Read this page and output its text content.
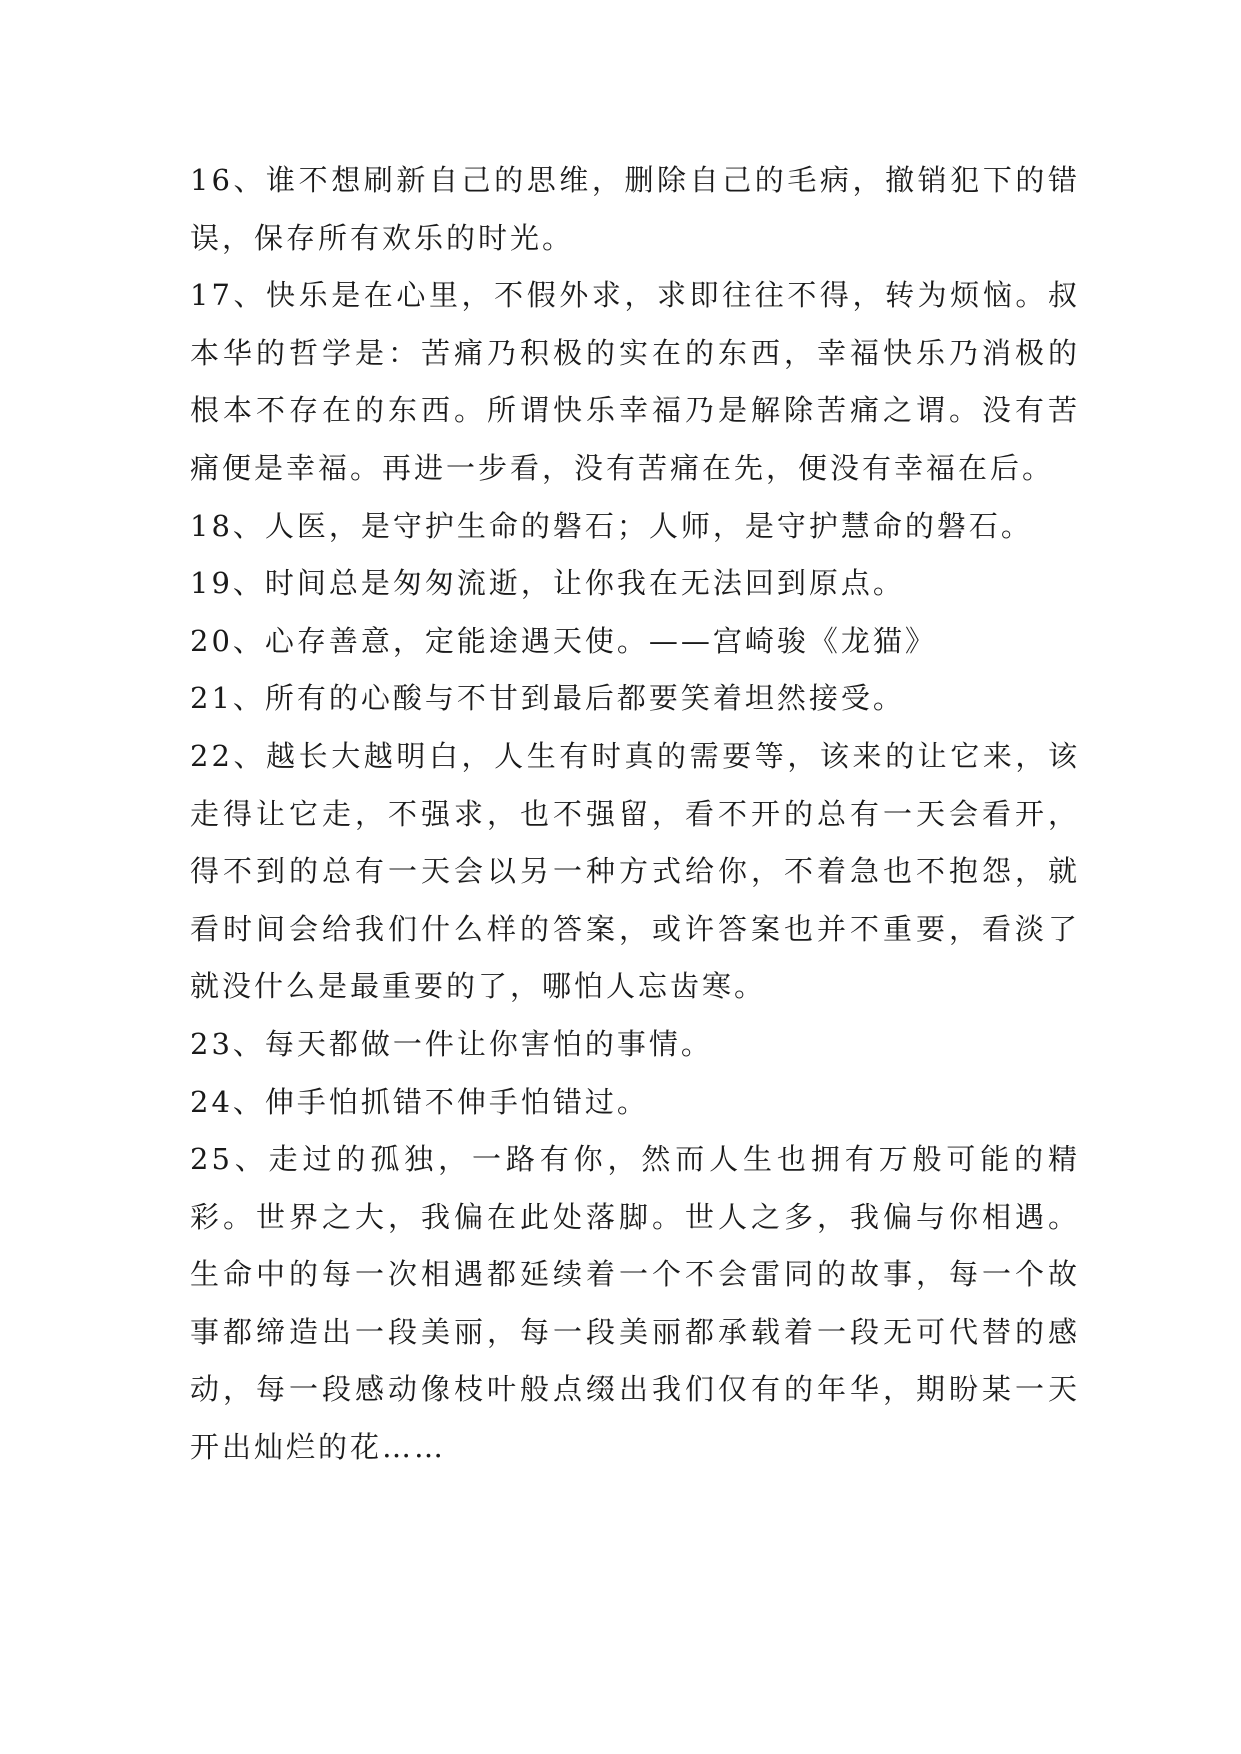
16、谁不想刷新自己的思维，删除自己的毛病，撤销犯下的错误，保存所有欢乐的时光。

17、快乐是在心里，不假外求，求即往往不得，转为烦恼。叔本华的哲学是：苦痛乃积极的实在的东西，幸福快乐乃消极的根本不存在的东西。所谓快乐幸福乃是解除苦痛之谓。没有苦痛便是幸福。再进一步看，没有苦痛在先，便没有幸福在后。

18、人医，是守护生命的磐石；人师，是守护慧命的磐石。

19、时间总是匆匆流逝，让你我在无法回到原点。

20、心存善意，定能途遇天使。——宫崎骏《龙猫》

21、所有的心酸与不甘到最后都要笑着坦然接受。

22、越长大越明白，人生有时真的需要等，该来的让它来，该走得让它走，不强求，也不强留，看不开的总有一天会看开，得不到的总有一天会以另一种方式给你，不着急也不抱怨，就看时间会给我们什么样的答案，或许答案也并不重要，看淡了就没什么是最重要的了，哪怕人忘齿寒。

23、每天都做一件让你害怕的事情。

24、伸手怕抓错不伸手怕错过。

25、走过的孤独，一路有你，然而人生也拥有万般可能的精彩。世界之大，我偏在此处落脚。世人之多，我偏与你相遇。生命中的每一次相遇都延续着一个不会雷同的故事，每一个故事都缔造出一段美丽，每一段美丽都承载着一段无可代替的感动，每一段感动像枝叶般点缀出我们仅有的年华，期盼某一天开出灿烂的花……
